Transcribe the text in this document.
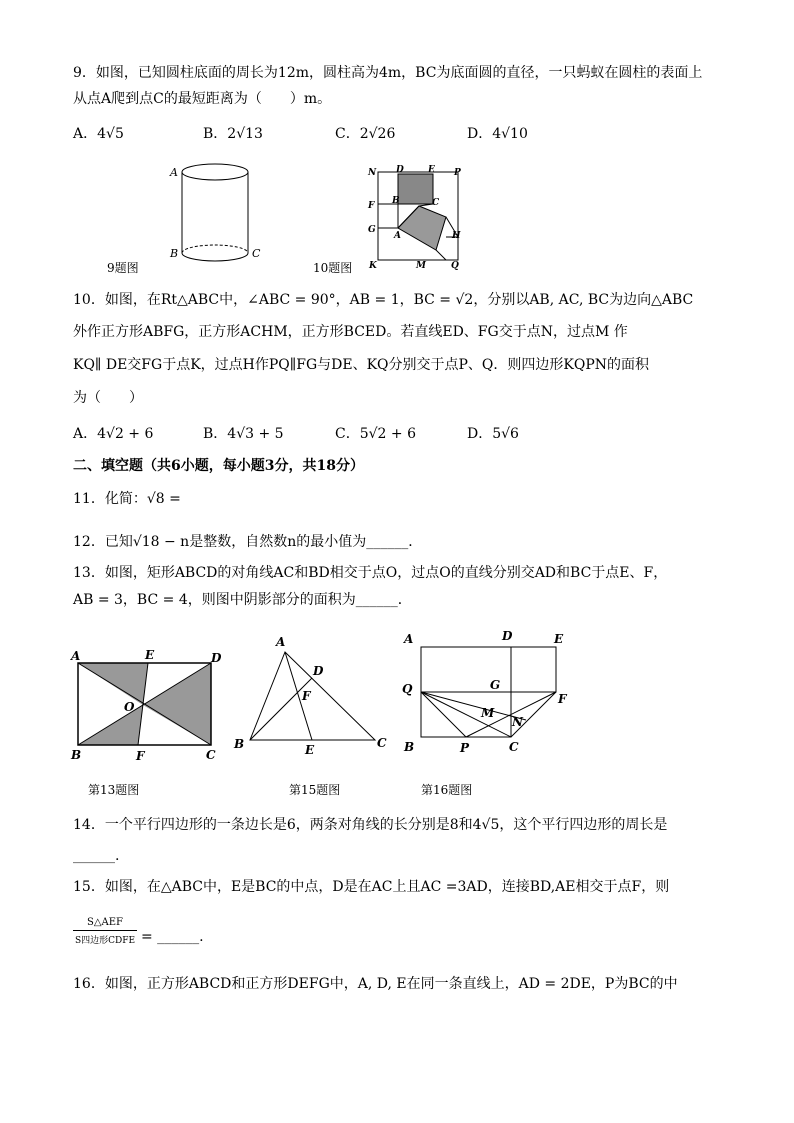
9．如图，已知圆柱底面的周长为12m，圆柱高为4m，BC为底面圆的直径，一只蚂蚁在圆柱的表面上
从点A爬到点C的最短距离为（　　）m。
A．4√5	B．2√13	C．2√26	D．4√10
A
B	C
9题图
N D	E P
F B	C
G
A	H
K	M	Q
10题图
10．如图，在Rt△ABC中，∠ABC = 90°，AB = 1，BC = √2，分别以AB, AC, BC为边向△ABC
外作正方形ABFG，正方形ACHM，正方形BCED。若直线ED、FG交于点N，过点M 作
KQ∥ DE交FG于点K，过点H作PQ∥FG与DE、KQ分别交于点P、Q．则四边形KQPN的面积
为（　　）
A．4√2 + 6	B．4√3 + 5	C．5√2 + 6	D．5√6
二、填空题（共6小题，每小题3分，共18分）
11．化简：√8 =
12．已知√18 − n是整数，自然数n的最小值为______．
13．如图，矩形ABCD的对角线AC和BD相交于点O，过点O的直线分别交AD和BC于点E、F，
AB = 3，BC = 4，则图中阴影部分的面积为______．
A	E	D
O
B	F	C
第13题图
A
D
F
B	E	C
第15题图
A	D	E
Q	G
F
M
N
B	P	C
第16题图
14．一个平行四边形的一条边长是6，两条对角线的长分别是8和4√5，这个平行四边形的周长是
______.
15．如图，在△ABC中，E是BC的中点，D是在AC上且AC =3AD，连接BD,AE相交于点F，则
S△AEF
S四边形CDFE = ______.
16．如图，正方形ABCD和正方形DEFG中，A, D, E在同一条直线上，AD = 2DE，P为BC的中
